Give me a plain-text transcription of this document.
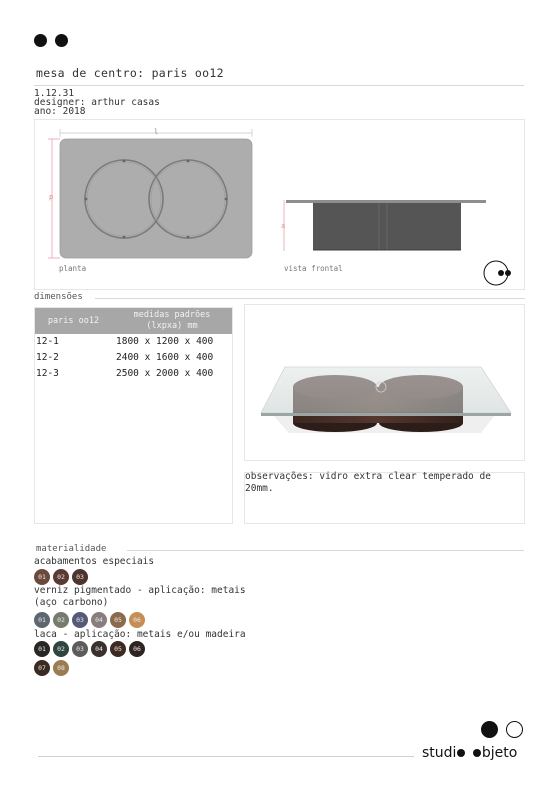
mesa de centro: paris oo12
1.12.31
designer: arthur casas
ano: 2018
l
p
a
planta	vista frontal
dimensões
paris oo12
medidas padrões
(lxpxa) mm
12-1	1800 x 1200 x 400
12-2	2400 x 1600 x 400
12-3	2500 x 2000 x 400
observações: vidro extra clear temperado de
20mm.
materialidade
acabamentos especiais
01	02	03
verniz pigmentado - aplicação: metais
(aço carbono)
01	02	03	04	05	06
laca - aplicação: metais e/ou madeira
01	02	03	04	05	06
07	08
studi bjeto
